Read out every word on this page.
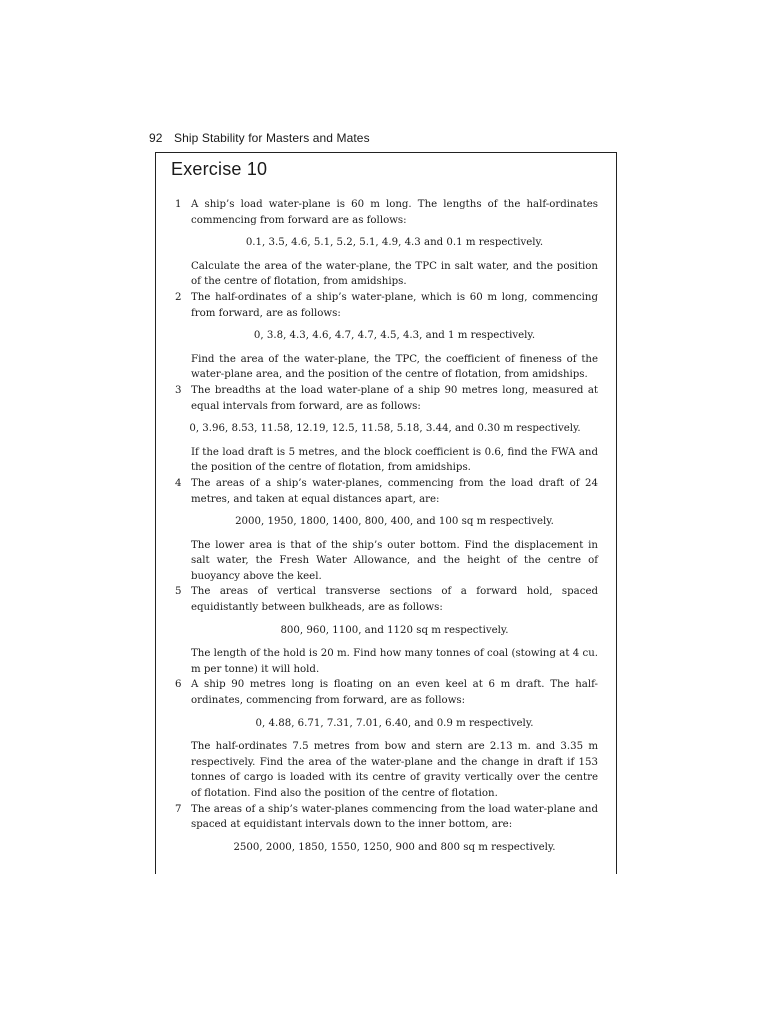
92 Ship Stability for Masters and Mates
Exercise 10
1 A ship’s load water-plane is 60 m long. The lengths of the half-ordinates commencing from forward are as follows:

0.1, 3.5, 4.6, 5.1, 5.2, 5.1, 4.9, 4.3 and 0.1 m respectively.

Calculate the area of the water-plane, the TPC in salt water, and the position of the centre of flotation, from amidships.

2 The half-ordinates of a ship’s water-plane, which is 60 m long, commencing from forward, are as follows:

0, 3.8, 4.3, 4.6, 4.7, 4.7, 4.5, 4.3, and 1 m respectively.

Find the area of the water-plane, the TPC, the coefficient of fineness of the water-plane area, and the position of the centre of flotation, from amidships.

3 The breadths at the load water-plane of a ship 90 metres long, measured at equal intervals from forward, are as follows:

0, 3.96, 8.53, 11.58, 12.19, 12.5, 11.58, 5.18, 3.44, and 0.30 m respectively.

If the load draft is 5 metres, and the block coefficient is 0.6, find the FWA and the position of the centre of flotation, from amidships.

4 The areas of a ship’s water-planes, commencing from the load draft of 24 metres, and taken at equal distances apart, are:

2000, 1950, 1800, 1400, 800, 400, and 100 sq m respectively.

The lower area is that of the ship’s outer bottom. Find the displacement in salt water, the Fresh Water Allowance, and the height of the centre of buoyancy above the keel.

5 The areas of vertical transverse sections of a forward hold, spaced equidistantly between bulkheads, are as follows:

800, 960, 1100, and 1120 sq m respectively.

The length of the hold is 20 m. Find how many tonnes of coal (stowing at 4 cu. m per tonne) it will hold.

6 A ship 90 metres long is floating on an even keel at 6 m draft. The half-ordinates, commencing from forward, are as follows:

0, 4.88, 6.71, 7.31, 7.01, 6.40, and 0.9 m respectively.

The half-ordinates 7.5 metres from bow and stern are 2.13 m. and 3.35 m respectively. Find the area of the water-plane and the change in draft if 153 tonnes of cargo is loaded with its centre of gravity vertically over the centre of flotation. Find also the position of the centre of flotation.

7 The areas of a ship’s water-planes commencing from the load water-plane and spaced at equidistant intervals down to the inner bottom, are:

2500, 2000, 1850, 1550, 1250, 900 and 800 sq m respectively.
